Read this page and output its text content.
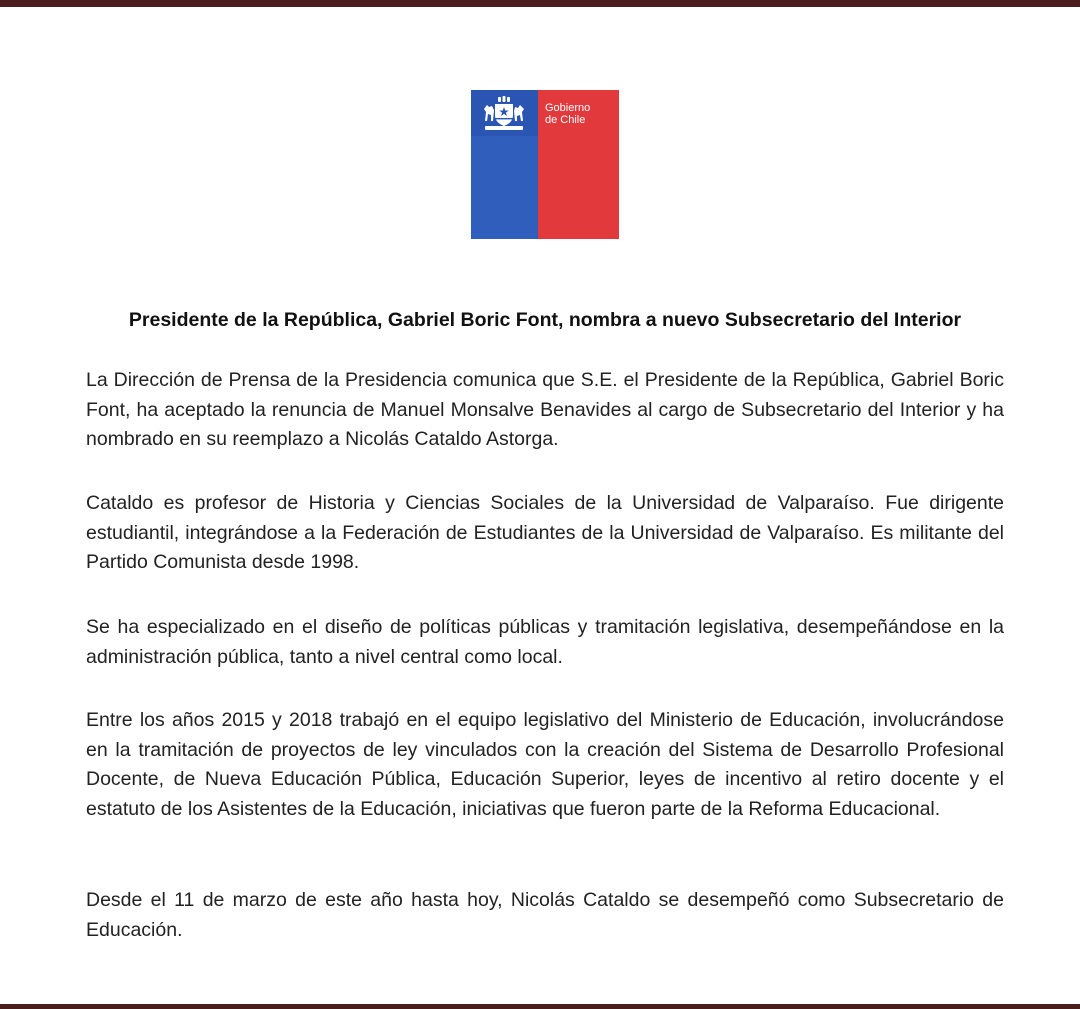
Gobierno
de Chile

Presidente de la República, Gabriel Boric Font, nombra a nuevo Subsecretario del Interior

La Dirección de Prensa de la Presidencia comunica que S.E. el Presidente de la República, Gabriel Boric Font, ha aceptado la renuncia de Manuel Monsalve Benavides al cargo de Subsecretario del Interior y ha nombrado en su reemplazo a Nicolás Cataldo Astorga.

Cataldo es profesor de Historia y Ciencias Sociales de la Universidad de Valparaíso. Fue dirigente estudiantil, integrándose a la Federación de Estudiantes de la Universidad de Valparaíso. Es militante del Partido Comunista desde 1998.

Se ha especializado en el diseño de políticas públicas y tramitación legislativa, desempeñándose en la administración pública, tanto a nivel central como local.

Entre los años 2015 y 2018 trabajó en el equipo legislativo del Ministerio de Educación, involucrándose en la tramitación de proyectos de ley vinculados con la creación del Sistema de Desarrollo Profesional Docente, de Nueva Educación Pública, Educación Superior, leyes de incentivo al retiro docente y el estatuto de los Asistentes de la Educación, iniciativas que fueron parte de la Reforma Educacional.

Desde el 11 de marzo de este año hasta hoy, Nicolás Cataldo se desempeñó como Subsecretario de Educación.
